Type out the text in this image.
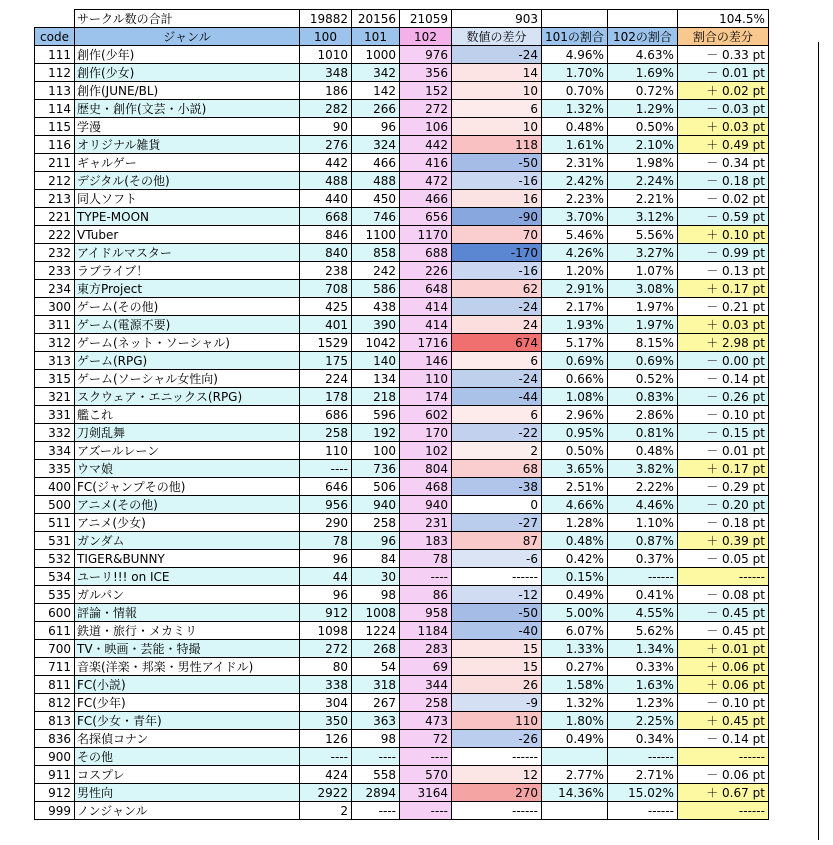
	サークル数の合計	19882	20156	21059	903			104.5%
code	ジャンル	100	101	102	数値の差分	101の割合	102の割合	割合の差分
111	創作(少年)	1010	1000	976	-24	4.96%	4.63%	－ 0.33 pt
112	創作(少女)	348	342	356	14	1.70%	1.69%	－ 0.01 pt
113	創作(JUNE/BL)	186	142	152	10	0.70%	0.72%	＋ 0.02 pt
114	歴史・創作(文芸・小説)	282	266	272	6	1.32%	1.29%	－ 0.03 pt
115	学漫	90	96	106	10	0.48%	0.50%	＋ 0.03 pt
116	オリジナル雑貨	276	324	442	118	1.61%	2.10%	＋ 0.49 pt
211	ギャルゲー	442	466	416	-50	2.31%	1.98%	－ 0.34 pt
212	デジタル(その他)	488	488	472	-16	2.42%	2.24%	－ 0.18 pt
213	同人ソフト	440	450	466	16	2.23%	2.21%	－ 0.02 pt
221	TYPE-MOON	668	746	656	-90	3.70%	3.12%	－ 0.59 pt
222	VTuber	846	1100	1170	70	5.46%	5.56%	＋ 0.10 pt
232	アイドルマスター	840	858	688	-170	4.26%	3.27%	－ 0.99 pt
233	ラブライブ！	238	242	226	-16	1.20%	1.07%	－ 0.13 pt
234	東方Project	708	586	648	62	2.91%	3.08%	＋ 0.17 pt
300	ゲーム(その他)	425	438	414	-24	2.17%	1.97%	－ 0.21 pt
311	ゲーム(電源不要)	401	390	414	24	1.93%	1.97%	＋ 0.03 pt
312	ゲーム(ネット・ソーシャル)	1529	1042	1716	674	5.17%	8.15%	＋ 2.98 pt
313	ゲーム(RPG)	175	140	146	6	0.69%	0.69%	－ 0.00 pt
315	ゲーム(ソーシャル女性向)	224	134	110	-24	0.66%	0.52%	－ 0.14 pt
321	スクウェア・エニックス(RPG)	178	218	174	-44	1.08%	0.83%	－ 0.26 pt
331	艦これ	686	596	602	6	2.96%	2.86%	－ 0.10 pt
332	刀剣乱舞	258	192	170	-22	0.95%	0.81%	－ 0.15 pt
334	アズールレーン	110	100	102	2	0.50%	0.48%	－ 0.01 pt
335	ウマ娘	----	736	804	68	3.65%	3.82%	＋ 0.17 pt
400	FC(ジャンプその他)	646	506	468	-38	2.51%	2.22%	－ 0.29 pt
500	アニメ(その他)	956	940	940	0	4.66%	4.46%	－ 0.20 pt
511	アニメ(少女)	290	258	231	-27	1.28%	1.10%	－ 0.18 pt
531	ガンダム	78	96	183	87	0.48%	0.87%	＋ 0.39 pt
532	TIGER&BUNNY	96	84	78	-6	0.42%	0.37%	－ 0.05 pt
534	ユーリ!!! on ICE	44	30	----	------	0.15%	------	------
535	ガルパン	96	98	86	-12	0.49%	0.41%	－ 0.08 pt
600	評論・情報	912	1008	958	-50	5.00%	4.55%	－ 0.45 pt
611	鉄道・旅行・メカミリ	1098	1224	1184	-40	6.07%	5.62%	－ 0.45 pt
700	TV・映画・芸能・特撮	272	268	283	15	1.33%	1.34%	＋ 0.01 pt
711	音楽(洋楽・邦楽・男性アイドル)	80	54	69	15	0.27%	0.33%	＋ 0.06 pt
811	FC(小説)	338	318	344	26	1.58%	1.63%	＋ 0.06 pt
812	FC(少年)	304	267	258	-9	1.32%	1.23%	－ 0.10 pt
813	FC(少女・青年)	350	363	473	110	1.80%	2.25%	＋ 0.45 pt
836	名探偵コナン	126	98	72	-26	0.49%	0.34%	－ 0.14 pt
900	その他	----	----	----	------		------	------
911	コスプレ	424	558	570	12	2.77%	2.71%	－ 0.06 pt
912	男性向	2922	2894	3164	270	14.36%	15.02%	＋ 0.67 pt
999	ノンジャンル	2	----	----	------		------	------
